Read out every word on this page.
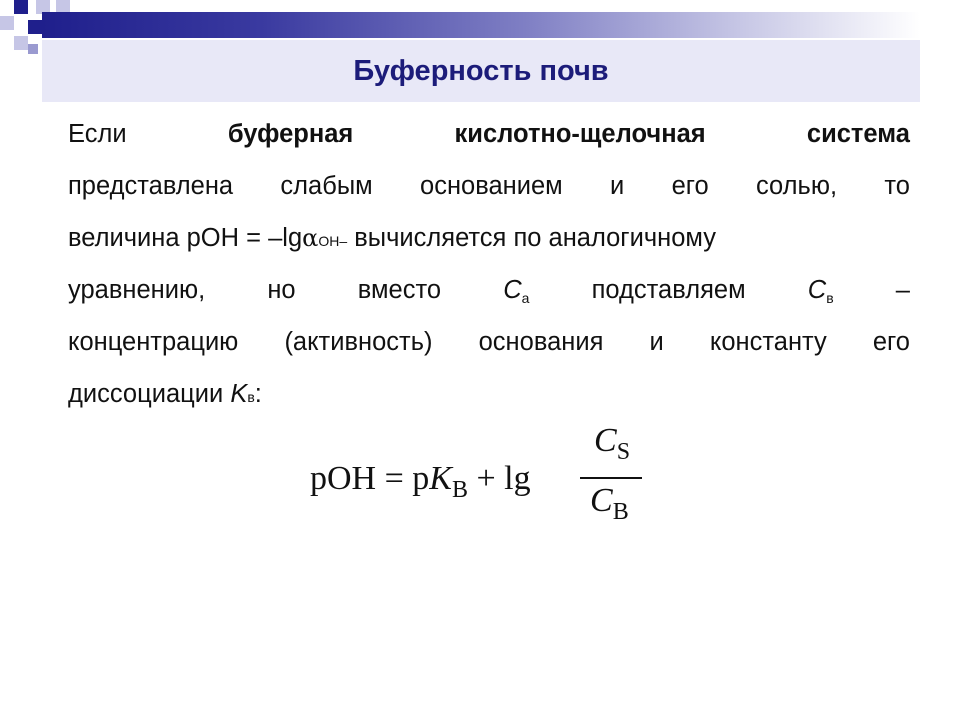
Буферность почв
Если	буферная	кислотно-щелочная	система
представлена слабым основанием и его солью, то
величина pOH = –lg α OH– вычисляется по аналогичному
уравнению, но вместо $C_а$ подставляем $C_в$ –
концентрацию (активность) основания и константу его
диссоциации K в :
pOH = $pK_B + \lg$
$C_S$
$C_B$
